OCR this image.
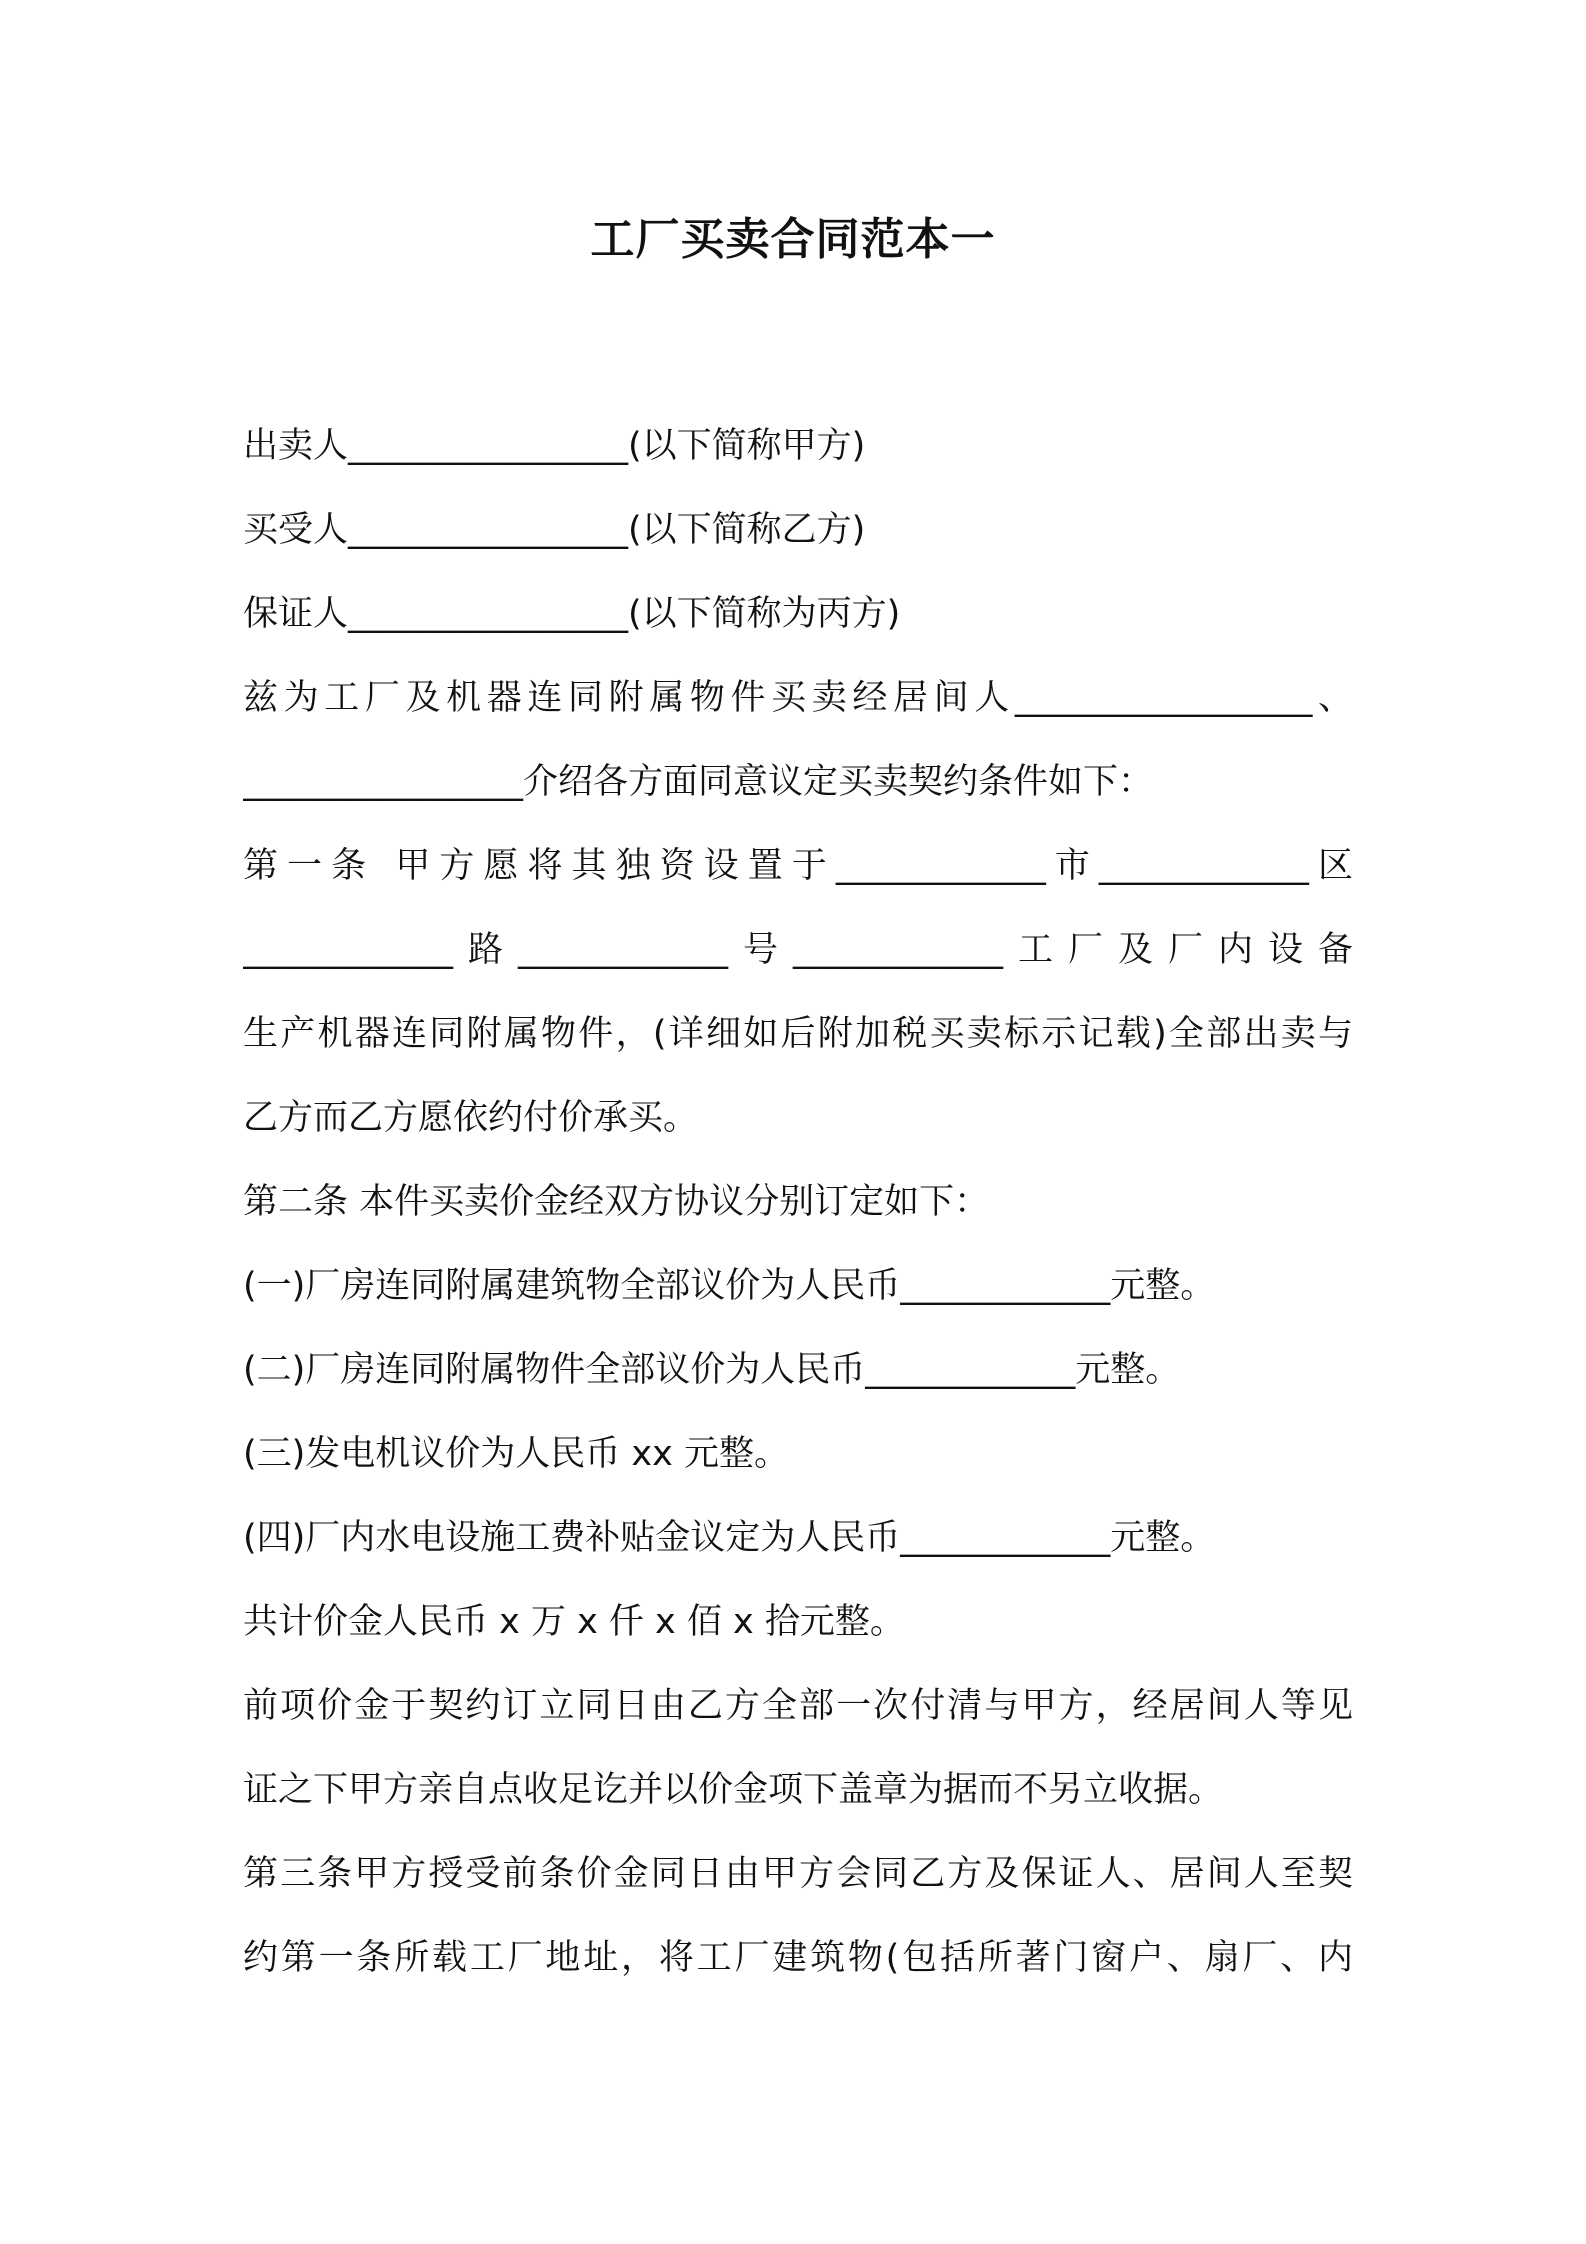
工厂买卖合同范本一
出卖人________________(以下简称甲方)
买受人________________(以下简称乙方)
保证人________________(以下简称为丙方)
兹为工厂及机器连同附属物件买卖经居间人_________________、
________________介绍各方面同意议定买卖契约条件如下：
第一条 甲方愿将其独资设置于____________市____________区
____________路____________号____________工厂及厂内设备
生产机器连同附属物件，(详细如后附加税买卖标示记载)全部出卖与
乙方而乙方愿依约付价承买。
第二条 本件买卖价金经双方协议分别订定如下：
(一)厂房连同附属建筑物全部议价为人民币____________元整。
(二)厂房连同附属物件全部议价为人民币____________元整。
(三)发电机议价为人民币 xx 元整。
(四)厂内水电设施工费补贴金议定为人民币____________元整。
共计价金人民币 x 万 x 仟 x 佰 x 拾元整。
前项价金于契约订立同日由乙方全部一次付清与甲方，经居间人等见
证之下甲方亲自点收足讫并以价金项下盖章为据而不另立收据。
第三条甲方授受前条价金同日由甲方会同乙方及保证人、居间人至契
约第一条所载工厂地址，将工厂建筑物(包括所著门窗户、扇厂、内
